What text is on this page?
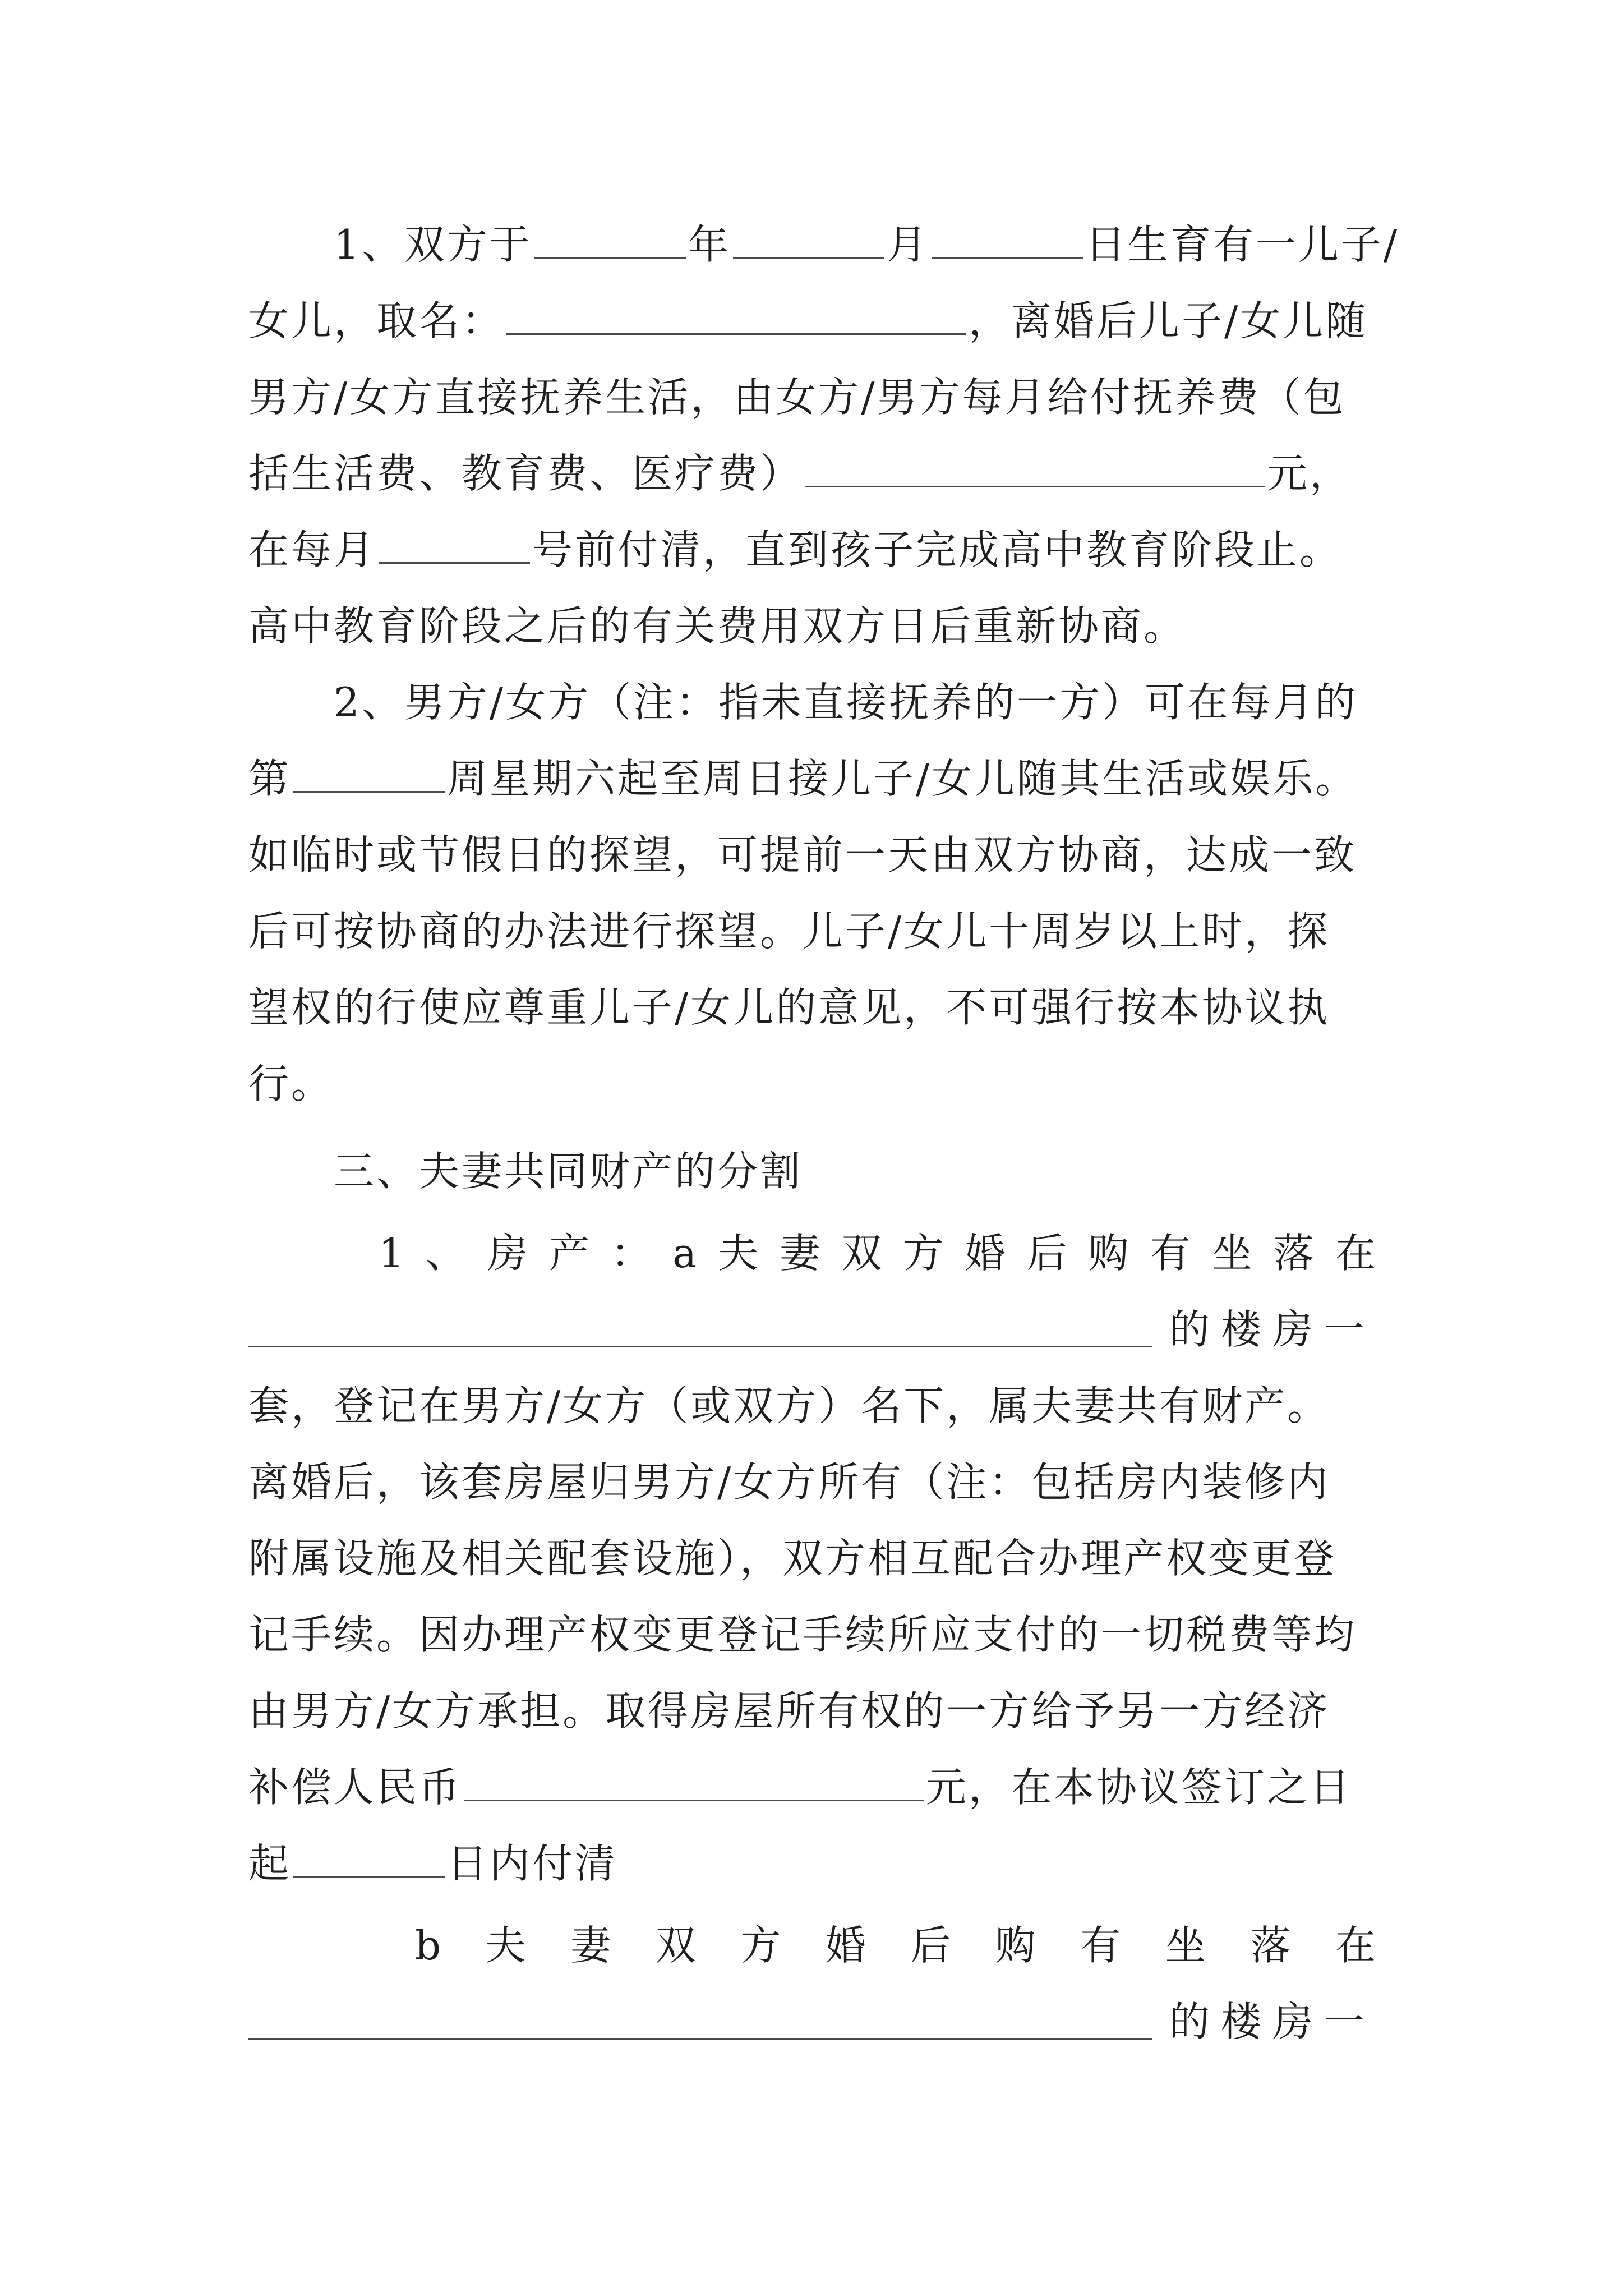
1、双方于	年	月	日生育有一儿子/
女儿，取名：	，离婚后儿子/女儿随
男方/女方直接抚养生活，由女方/男方每月给付抚养费（包
括生活费、教育费、医疗费）	元，
在每月	号前付清，直到孩子完成高中教育阶段止。
高中教育阶段之后的有关费用双方日后重新协商。
2、男方/女方（注：指未直接抚养的一方）可在每月的
第	周星期六起至周日接儿子/女儿随其生活或娱乐。
如临时或节假日的探望，可提前一天由双方协商，达成一致
后可按协商的办法进行探望。儿子/女儿十周岁以上时，探
望权的行使应尊重儿子/女儿的意见，不可强行按本协议执
行。
三、夫妻共同财产的分割
1 、 房 产 ： a 夫 妻 双 方 婚 后 购 有 坐 落 在
的楼房一
套，登记在男方/女方（或双方）名下，属夫妻共有财产。
离婚后，该套房屋归男方/女方所有（注：包括房内装修内
附属设施及相关配套设施），双方相互配合办理产权变更登
记手续。因办理产权变更登记手续所应支付的一切税费等均
由男方/女方承担。取得房屋所有权的一方给予另一方经济
补偿人民币	元，在本协议签订之日
起	日内付清
b 夫 妻 双 方 婚 后 购 有 坐 落 在
的楼房一
